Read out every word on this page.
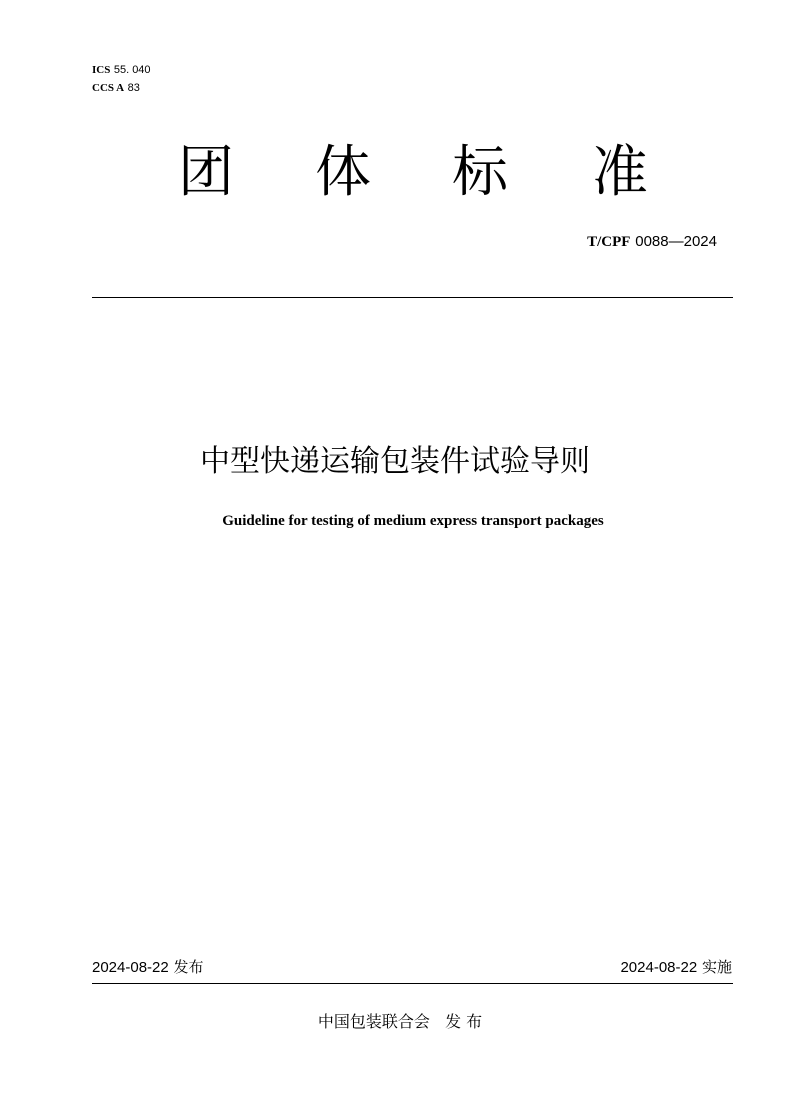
ICS 55. 040
CCS A 83
团 体 标 准
T/CPF 0088—2024
中型快递运输包装件试验导则
Guideline for testing of medium express transport packages
2024-08-22 发布	2024-08-22 实施
中国包装联合会 发 布
